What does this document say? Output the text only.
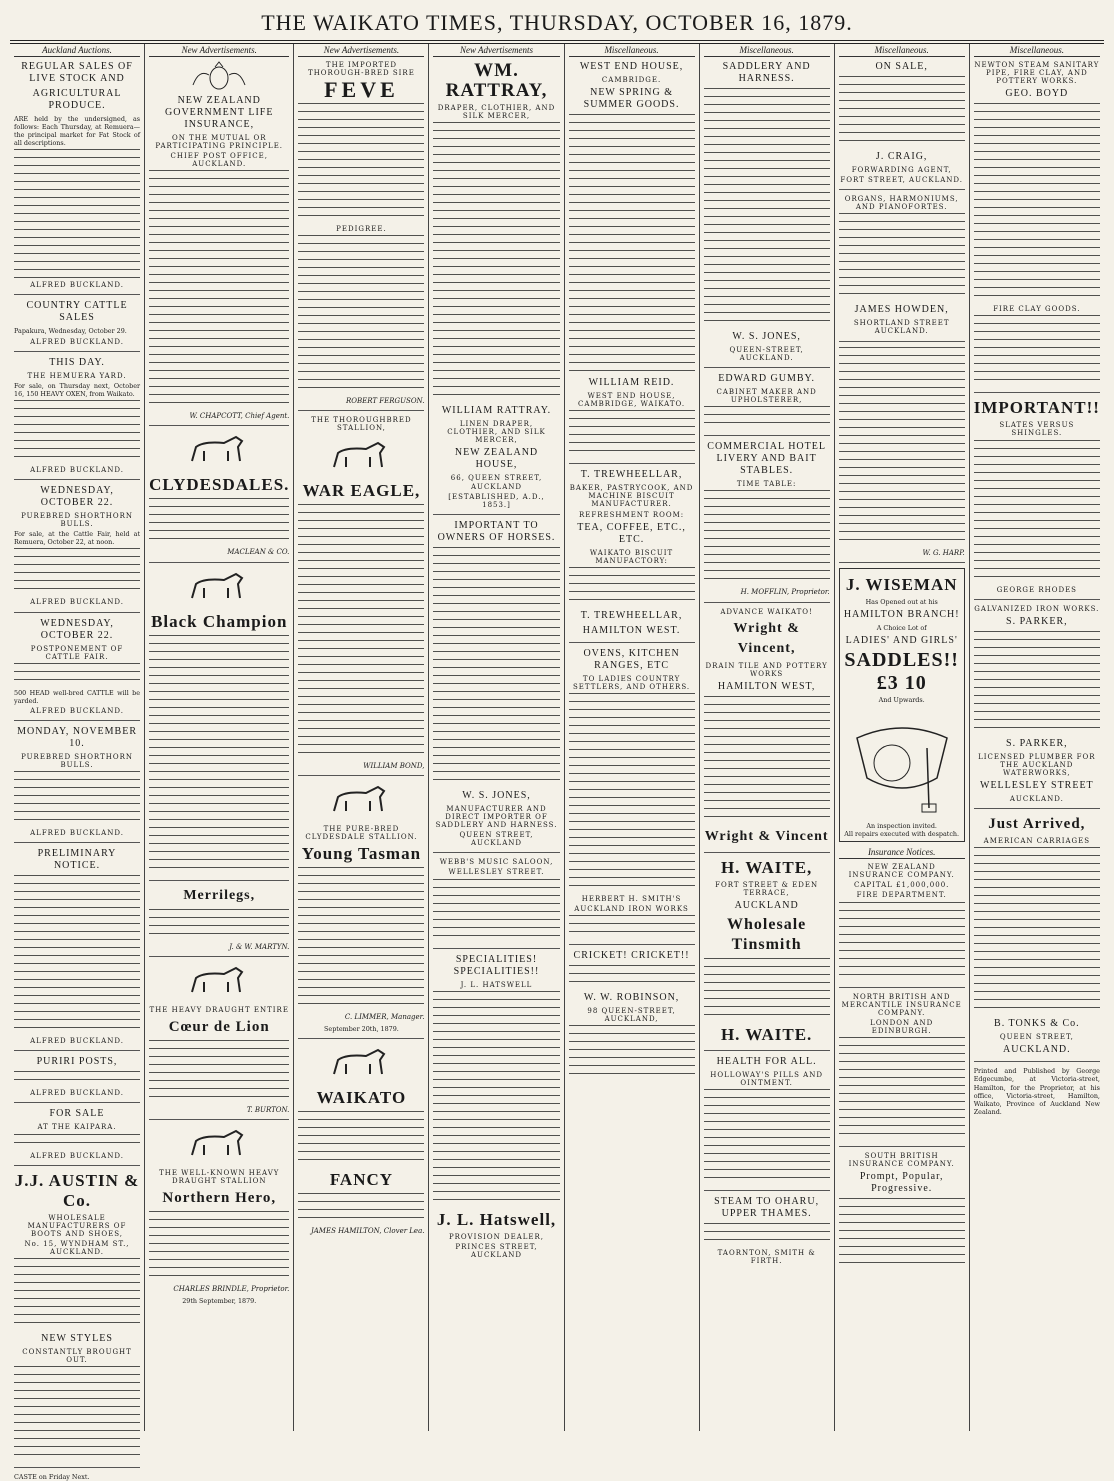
THE WAIKATO TIMES, THURSDAY, OCTOBER 16, 1879.
Auckland Auctions.
REGULAR SALES OF LIVE STOCK AND
AGRICULTURAL PRODUCE.
ARE held by the undersigned, as follows: Each Thursday, at Remuera—the principal market for Fat Stock of all descriptions.
ALFRED BUCKLAND.
COUNTRY CATTLE SALES
Papakura, Wednesday, October 29.
ALFRED BUCKLAND.
THIS DAY.
THE HEMUERA YARD.
For sale, on Thursday next, October 16, 150 HEAVY OXEN, from Waikato.
ALFRED BUCKLAND.
WEDNESDAY, OCTOBER 22.
PUREBRED SHORTHORN BULLS.
For sale, at the Cattle Fair, held at Remuera, October 22, at noon.
ALFRED BUCKLAND.
WEDNESDAY, OCTOBER 22.
POSTPONEMENT OF CATTLE FAIR.
500 HEAD well-bred CATTLE will be yarded.
ALFRED BUCKLAND.
MONDAY, NOVEMBER 10.
PUREBRED SHORTHORN BULLS.
ALFRED BUCKLAND.
PRELIMINARY NOTICE.
ALFRED BUCKLAND.
PURIRI POSTS,
ALFRED BUCKLAND.
FOR SALE
AT THE KAIPARA.
ALFRED BUCKLAND.
J.J. AUSTIN & Co.
WHOLESALE MANUFACTURERS OF BOOTS AND SHOES,
No. 15, WYNDHAM ST., AUCKLAND.
NEW STYLES
CONSTANTLY BROUGHT OUT.
CASTE on Friday Next.
New Advertisements.
NEW ZEALAND GOVERNMENT LIFE INSURANCE,
ON THE MUTUAL OR PARTICIPATING PRINCIPLE.
CHIEF POST OFFICE, AUCKLAND.
W. CHAPCOTT, Chief Agent.
CLYDESDALES.
MACLEAN & CO.
Black Champion
Merrilegs,
J. & W. MARTYN.
THE HEAVY DRAUGHT ENTIRE
Cœur de Lion
T. BURTON.
THE WELL-KNOWN HEAVY DRAUGHT STALLION
Northern Hero,
CHARLES BRINDLE, Proprietor.
29th September, 1879.
New Advertisements.
THE IMPORTED THOROUGH-BRED SIRE
FEVE
PEDIGREE.
ROBERT FERGUSON.
THE THOROUGHBRED STALLION,
WAR EAGLE,
WILLIAM BOND,
THE PURE-BRED CLYDESDALE STALLION.
Young Tasman
C. LIMMER, Manager.
September 20th, 1879.
WAIKATO
FANCY
JAMES HAMILTON, Clover Lea.
New Advertisements
WM. RATTRAY,
DRAPER, CLOTHIER, AND SILK MERCER,
WILLIAM RATTRAY.
LINEN DRAPER, CLOTHIER, AND SILK MERCER,
NEW ZEALAND HOUSE,
66, QUEEN STREET, AUCKLAND
[ESTABLISHED, A.D., 1853.]
IMPORTANT TO OWNERS OF HORSES.
W. S. JONES,
MANUFACTURER AND DIRECT IMPORTER OF SADDLERY AND HARNESS.
QUEEN STREET, AUCKLAND
WEBB'S MUSIC SALOON,
WELLESLEY STREET.
SPECIALITIES! SPECIALITIES!!
J. L. HATSWELL
J. L. Hatswell,
PROVISION DEALER,
PRINCES STREET, AUCKLAND
Miscellaneous.
WEST END HOUSE,
CAMBRIDGE.
NEW SPRING & SUMMER GOODS.
WILLIAM REID.
WEST END HOUSE, CAMBRIDGE, WAIKATO.
T. TREWHEELLAR,
BAKER, PASTRYCOOK, AND MACHINE BISCUIT MANUFACTURER.
REFRESHMENT ROOM:
TEA, COFFEE, ETC., ETC.
WAIKATO BISCUIT MANUFACTORY:
T. TREWHEELLAR,
HAMILTON WEST.
OVENS, KITCHEN RANGES, ETC
TO LADIES COUNTRY SETTLERS, AND OTHERS.
HERBERT H. SMITH'S
AUCKLAND IRON WORKS
CRICKET! CRICKET!!
W. W. ROBINSON,
98 QUEEN-STREET, AUCKLAND,
Miscellaneous.
SADDLERY AND HARNESS.
W. S. JONES,
QUEEN-STREET, AUCKLAND.
EDWARD GUMBY.
CABINET MAKER AND UPHOLSTERER,
COMMERCIAL HOTEL LIVERY AND BAIT STABLES.
TIME TABLE:
H. MOFFLIN, Proprietor.
ADVANCE WAIKATO!
Wright & Vincent,
DRAIN TILE AND POTTERY WORKS
HAMILTON WEST,
Wright & Vincent
H. WAITE,
FORT STREET & EDEN TERRACE,
AUCKLAND
Wholesale Tinsmith
H. WAITE.
HEALTH FOR ALL.
HOLLOWAY'S PILLS AND OINTMENT.
STEAM TO OHARU, UPPER THAMES.
TAORNTON, SMITH & FIRTH.
Miscellaneous.
ON SALE,
J. CRAIG,
FORWARDING AGENT,
FORT STREET, AUCKLAND.
ORGANS, HARMONIUMS, AND PIANOFORTES.
JAMES HOWDEN,
SHORTLAND STREET AUCKLAND.
W. G. HARP.
J. WISEMAN
Has Opened out at his
HAMILTON BRANCH!
A Choice Lot of
LADIES' AND GIRLS'
SADDLES!!
£3 10
And Upwards.
An inspection invited.
All repairs executed with despatch.
Insurance Notices.
NEW ZEALAND INSURANCE COMPANY.
CAPITAL £1,000,000.
FIRE DEPARTMENT.
NORTH BRITISH AND MERCANTILE INSURANCE COMPANY.
LONDON AND EDINBURGH.
SOUTH BRITISH INSURANCE COMPANY.
Prompt, Popular, Progressive.
Miscellaneous.
NEWTON STEAM SANITARY PIPE, FIRE CLAY, AND POTTERY WORKS.
GEO. BOYD
FIRE CLAY GOODS.
IMPORTANT!!
SLATES VERSUS SHINGLES.
GEORGE RHODES
GALVANIZED IRON WORKS.
S. PARKER,
S. PARKER,
LICENSED PLUMBER FOR THE AUCKLAND WATERWORKS,
WELLESLEY STREET
AUCKLAND.
Just Arrived,
AMERICAN CARRIAGES
B. TONKS & Co.
QUEEN STREET,
AUCKLAND.
Printed and Published by George Edgecumbe, at Victoria-street, Hamilton, for the Proprietor, at his office, Victoria-street, Hamilton, Waikato, Province of Auckland New Zealand.
